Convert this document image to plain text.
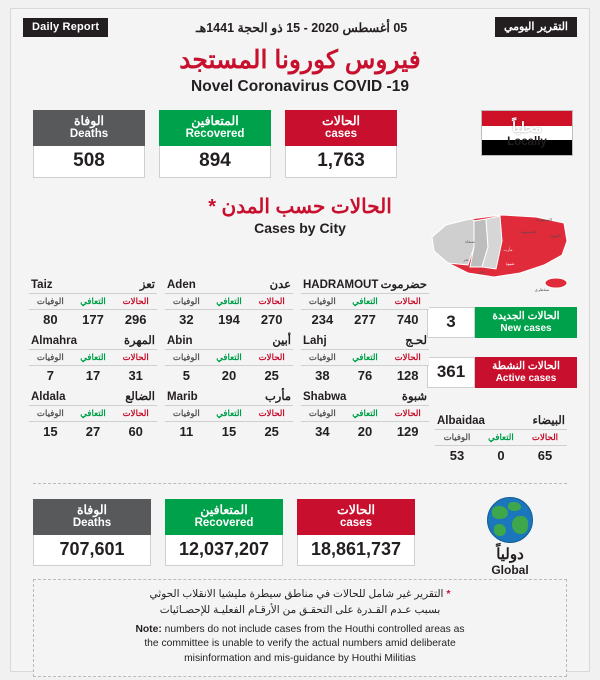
Daily Report	05 أغسطس 2020 - 15 ذو الحجة 1441هـ	التقرير اليومي
فيروس كورونا المستجد
Novel Coronavirus COVID -19
الوفاة
Deaths
508
المتعافين
Recovered
894
الحالات
cases
1,763
محلياً
Locally
الحالات حسب المدن *
Cases by City	حضرموت
المهرة
السعودية
سقطرى
مأرب
شبوة
صنعاء
تعز
عدن
3	الحالات الجديدة
New cases
361	الحالات النشطة
Active cases
Taiz	تعز
الوفيات	التعافي	الحالات
80	177	296
Aden	عدن
الوفيات	التعافي	الحالات
32	194	270
HADRAMOUT حضرموت
الوفيات	التعافي	الحالات
234	277	740
Almahra	المهرة
الوفيات	التعافي	الحالات
7	17	31
Abin	أبين
الوفيات	التعافي	الحالات
5	20	25
Lahj	لحـج
الوفيات	التعافي	الحالات
38	76	128
Aldala	الضالع
الوفيات	التعافي	الحالات
15	27	60
Marib	مأرب
الوفيات	التعافي	الحالات
11	15	25
Shabwa	شبوة
الوفيات	التعافي	الحالات
34	20	129
Albaidaa	البيضاء
الوفيات	التعافي	الحالات
53	0	65
الوفاة
Deaths
707,601
المتعافين
Recovered
12,037,207
الحالات
cases
18,861,737	دولياً
Global
* التقرير غير شامل للحالات في مناطق سيطرة مليشيا الانقلاب الحوثي
بسبب عـدم القـدرة على التحقـق من الأرقـام الفعليـة للإحصـائيات
Note: numbers do not include cases from the Houthi controlled areas as
the committee is unable to verify the actual numbers amid deliberate
misinformation and mis-guidance by Houthi Militias
